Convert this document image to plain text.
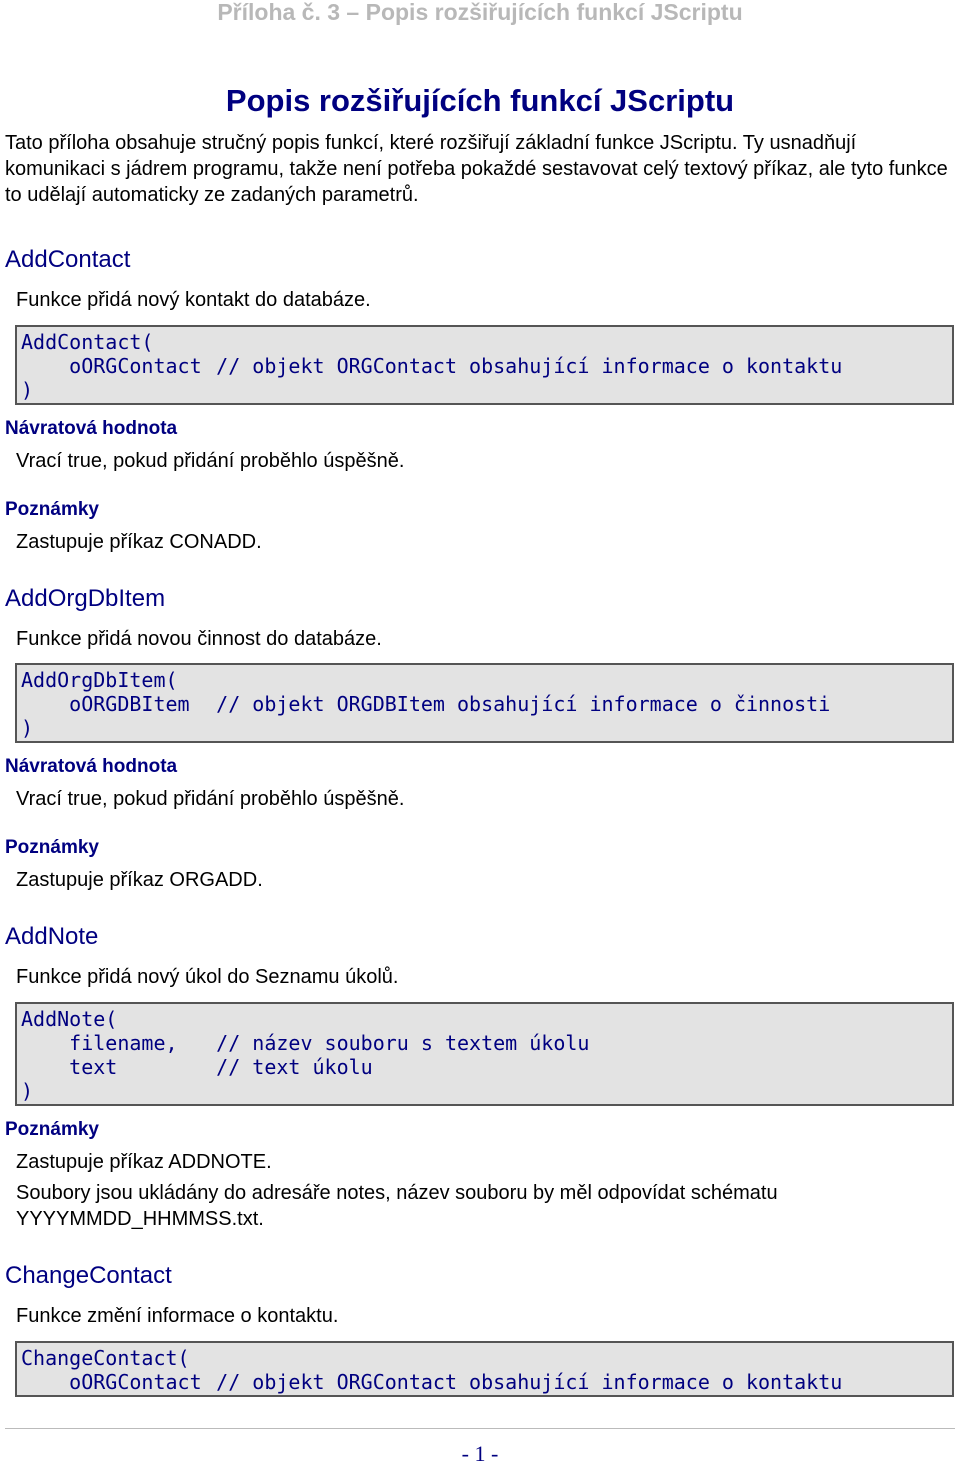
Příloha č. 3 – Popis rozšiřujících funkcí JScriptu
Popis rozšiřujících funkcí JScriptu
Tato příloha obsahuje stručný popis funkcí, které rozšiřují základní funkce JScriptu. Ty usnadňují komunikaci s jádrem programu, takže není potřeba pokaždé sestavovat celý textový příkaz, ale tyto funkce to udělají automaticky ze zadaných parametrů.
AddContact
Funkce přidá nový kontakt do databáze.
AddContact(
oORGContact // objekt ORGContact obsahující informace o kontaktu
)
Návratová hodnota
Vrací true, pokud přidání proběhlo úspěšně.
Poznámky
Zastupuje příkaz CONADD.
AddOrgDbItem
Funkce přidá novou činnost do databáze.
AddOrgDbItem(
oORGDBItem // objekt ORGDBItem obsahující informace o činnosti
)
Návratová hodnota
Vrací true, pokud přidání proběhlo úspěšně.
Poznámky
Zastupuje příkaz ORGADD.
AddNote
Funkce přidá nový úkol do Seznamu úkolů.
AddNote(
filename, // název souboru s textem úkolu
text	// text úkolu
)
Poznámky
Zastupuje příkaz ADDNOTE.
Soubory jsou ukládány do adresáře notes, název souboru by měl odpovídat schématu YYYYMMDD_HHMMSS.txt.
ChangeContact
Funkce změní informace o kontaktu.
ChangeContact(
oORGContact // objekt ORGContact obsahující informace o kontaktu
- 1 -
